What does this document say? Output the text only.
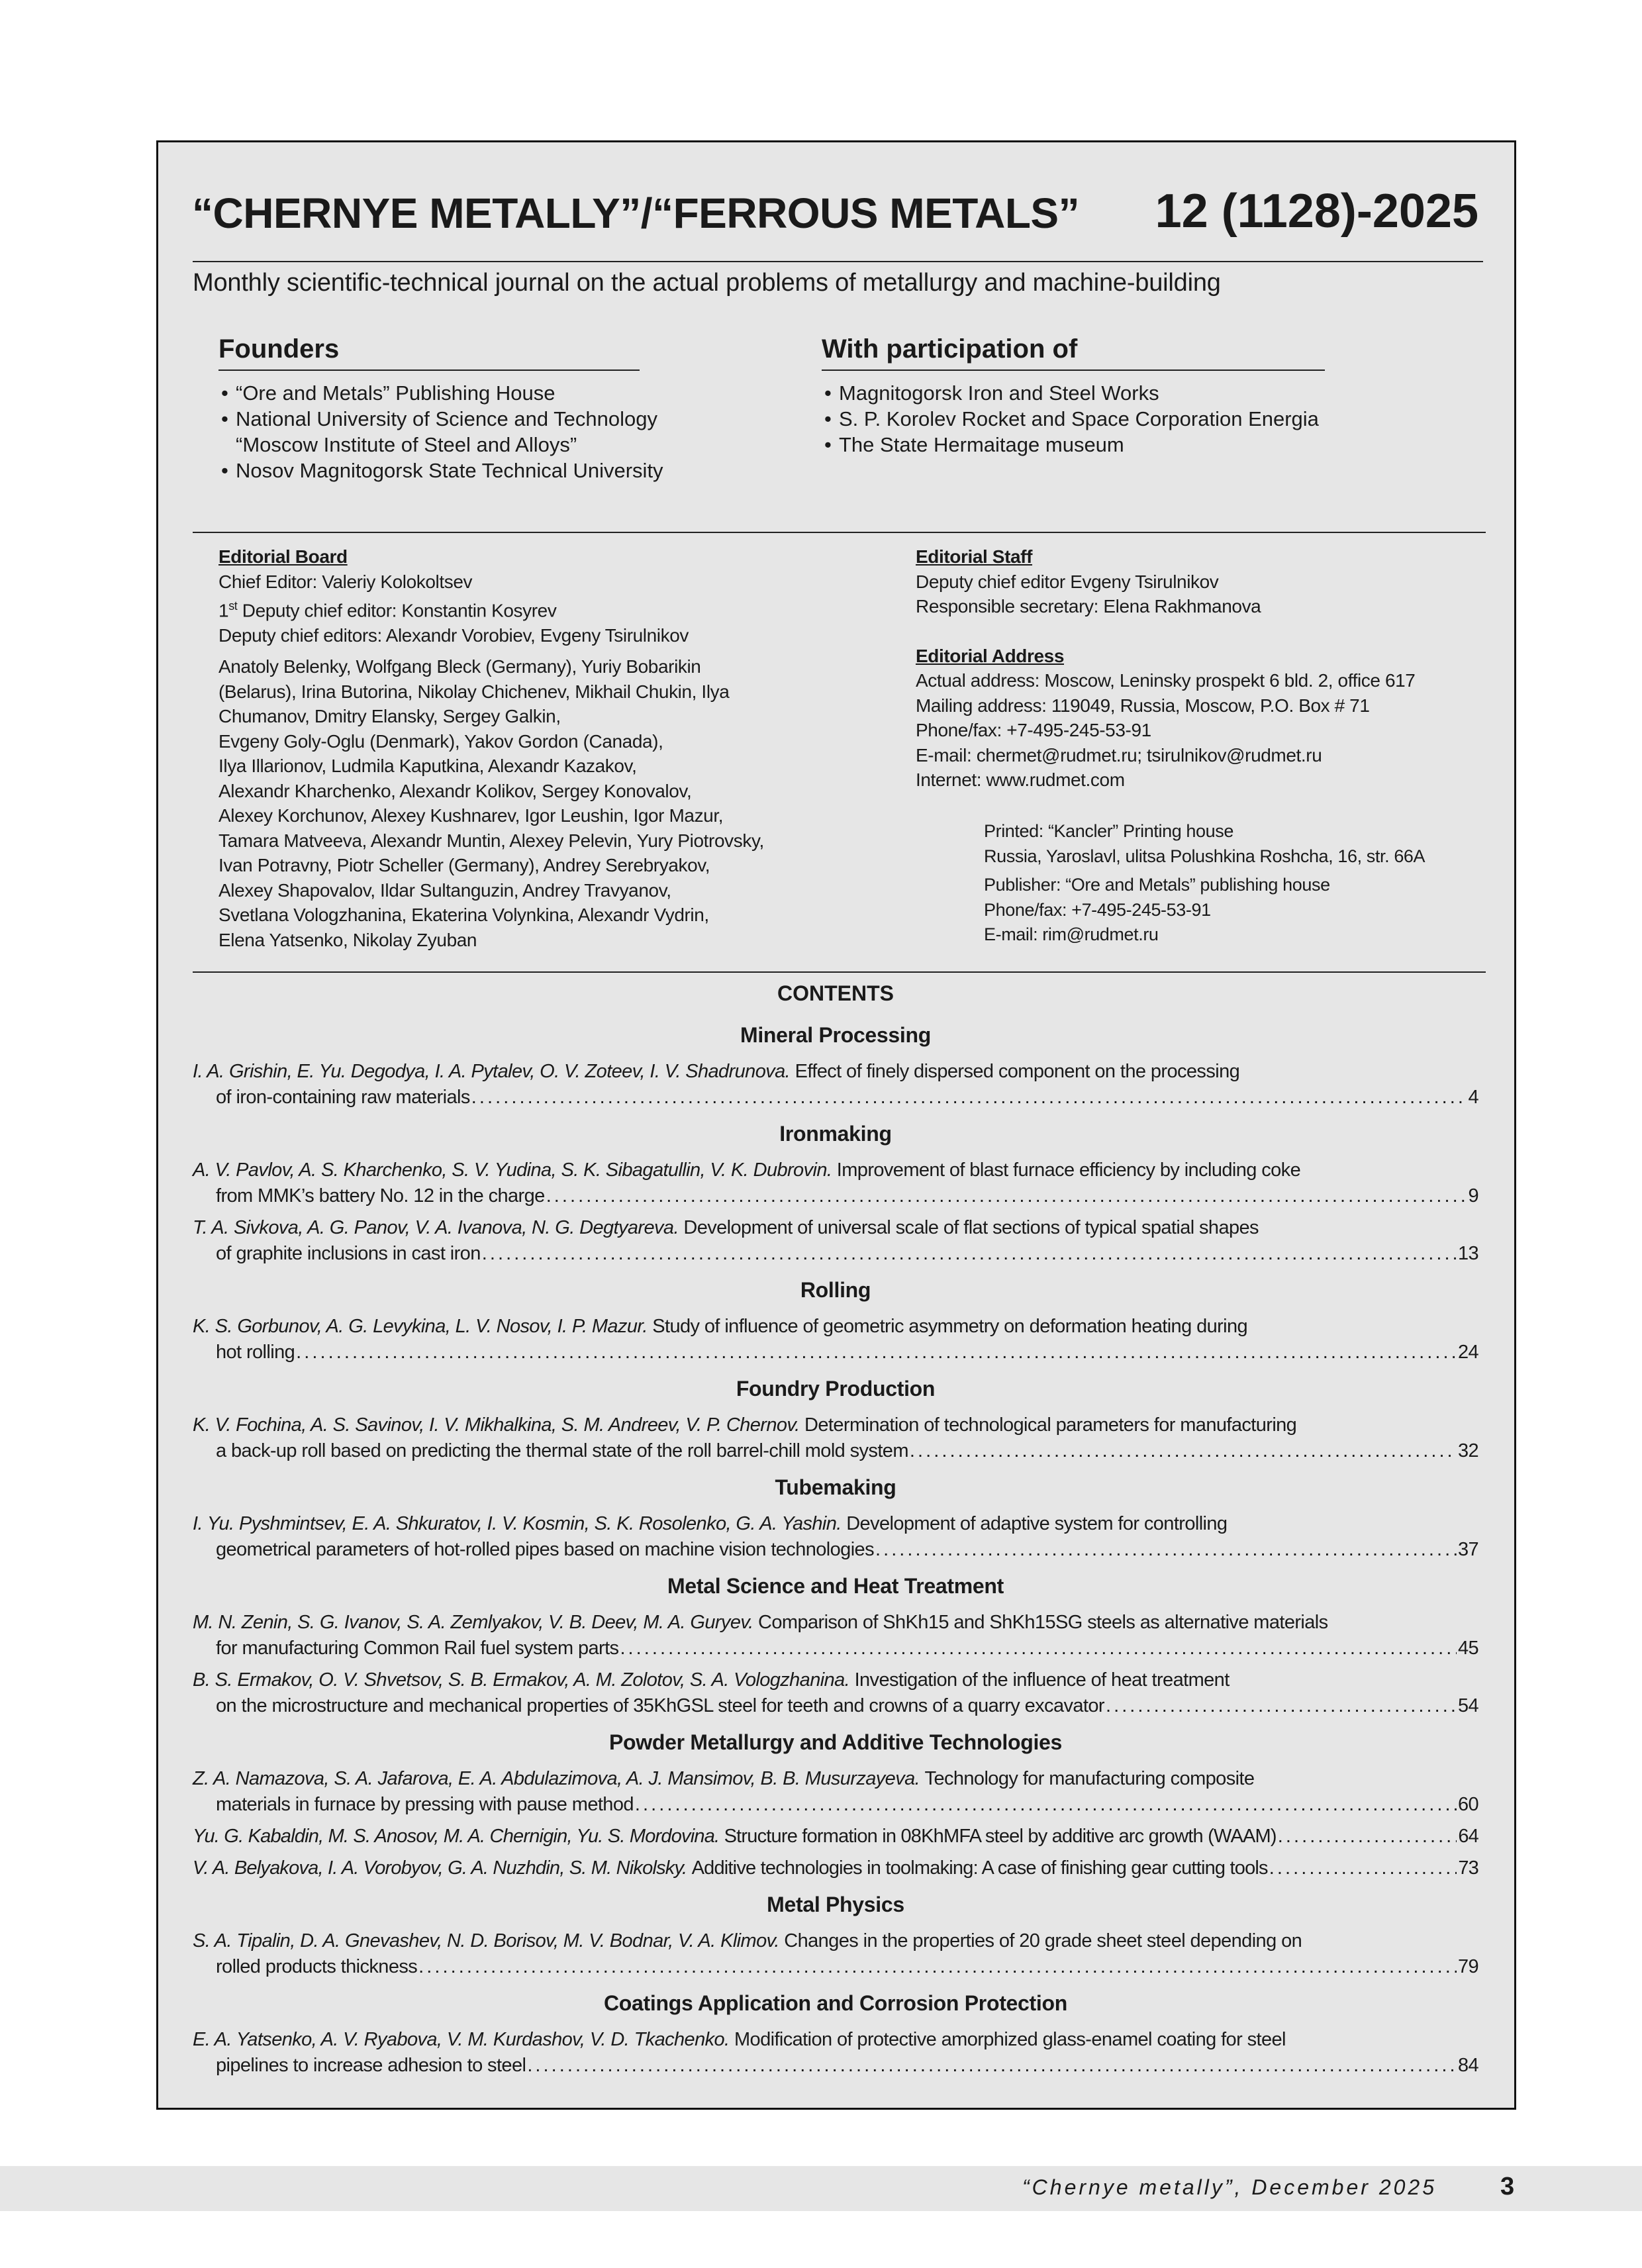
“CHERNYE METALLY”/“FERROUS METALS” 12 (1128)-2025
Monthly scientific-technical journal on the actual problems of metallurgy and machine-building
Founders
• “Ore and Metals” Publishing House
• National University of Science and Technology
“Moscow Institute of Steel and Alloys”
• Nosov Magnitogorsk State Technical University
With participation of
• Magnitogorsk Iron and Steel Works
• S. P. Korolev Rocket and Space Corporation Energia
• The State Hermaitage museum
Editorial Board
Chief Editor: Valeriy Kolokoltsev
1st Deputy chief editor: Konstantin Kosyrev
Deputy chief editors: Alexandr Vorobiev, Evgeny Tsirulnikov
Anatoly Belenky, Wolfgang Bleck (Germany), Yuriy Bobarikin
(Belarus), Irina Butorina, Nikolay Chichenev, Mikhail Chukin, Ilya
Chumanov, Dmitry Elansky, Sergey Galkin,
Evgeny Goly-Oglu (Denmark), Yakov Gordon (Canada),
Ilya Illarionov, Ludmila Kaputkina, Alexandr Kazakov,
Alexandr Kharchenko, Alexandr Kolikov, Sergey Konovalov,
Alexey Korchunov, Alexey Kushnarev, Igor Leushin, Igor Mazur,
Tamara Matveeva, Alexandr Muntin, Alexey Pelevin, Yury Piotrovsky,
Ivan Potravny, Piotr Scheller (Germany), Andrey Serebryakov,
Alexey Shapovalov, Ildar Sultanguzin, Andrey Travyanov,
Svetlana Vologzhanina, Ekaterina Volynkina, Alexandr Vydrin,
Elena Yatsenko, Nikolay Zyuban
Editorial Staff
Deputy chief editor Evgeny Tsirulnikov
Responsible secretary: Elena Rakhmanova
Editorial Address
Actual address: Moscow, Leninsky prospekt 6 bld. 2, office 617
Mailing address: 119049, Russia, Moscow, P.O. Box # 71
Phone/fax: +7-495-245-53-91
E-mail: chermet@rudmet.ru; tsirulnikov@rudmet.ru
Internet: www.rudmet.com
Printed: “Kancler” Printing house
Russia, Yaroslavl, ulitsa Polushkina Roshcha, 16, str. 66A
Publisher: “Ore and Metals” publishing house
Phone/fax: +7-495-245-53-91
E-mail: rim@rudmet.ru
CONTENTS
Mineral Processing
I. A. Grishin, E. Yu. Degodya, I. A. Pytalev, O. V. Zoteev, I. V. Shadrunova.
Effect of finely dispersed component on the processing
of iron-containing raw materials . . .	4
Ironmaking
A. V. Pavlov, A. S. Kharchenko, S. V. Yudina, S. K. Sibagatullin, V. K. Dubrovin.
Improvement of blast furnace efficiency by including coke
from MMK’s battery No. 12 in the charge . . .	9
T. A. Sivkova, A. G. Panov, V. A. Ivanova, N. G. Degtyareva.
Development of universal scale of flat sections of typical spatial shapes
of graphite inclusions in cast iron . . .	13
Rolling
K. S. Gorbunov, A. G. Levykina, L. V. Nosov, I. P. Mazur.
Study of influence of geometric asymmetry on deformation heating during
hot rolling . . .	24
Foundry Production
K. V. Fochina, A. S. Savinov, I. V. Mikhalkina, S. M. Andreev, V. P. Chernov.
Determination of technological parameters for manufacturing
a back-up roll based on predicting the thermal state of the roll barrel-chill mold system . . .	32
Tubemaking
I. Yu. Pyshmintsev, E. A. Shkuratov, I. V. Kosmin, S. K. Rosolenko, G. A. Yashin.
Development of adaptive system for controlling
geometrical parameters of hot-rolled pipes based on machine vision technologies . . .	37
Metal Science and Heat Treatment
M. N. Zenin, S. G. Ivanov, S. A. Zemlyakov, V. B. Deev, M. A. Guryev.
Comparison of ShKh15 and ShKh15SG steels as alternative materials
for manufacturing Common Rail fuel system parts . . .	45
B. S. Ermakov, O. V. Shvetsov, S. B. Ermakov, A. M. Zolotov, S. A. Vologzhanina.
Investigation of the influence of heat treatment
on the microstructure and mechanical properties of 35KhGSL steel for teeth and crowns of a quarry excavator . . .	54
Powder Metallurgy and Additive Technologies
Z. A. Namazova, S. A. Jafarova, E. A. Abdulazimova, A. J. Mansimov, B. B. Musurzayeva.
Technology for manufacturing composite
materials in furnace by pressing with pause method . . .	60
Yu. G. Kabaldin, M. S. Anosov, M. A. Chernigin, Yu. S. Mordovina.
Structure formation in 08KhMFA steel by additive arc growth (WAAM) . . .	64
V. A. Belyakova, I. A. Vorobyov, G. A. Nuzhdin, S. M. Nikolsky.
Additive technologies in toolmaking: A case of finishing gear cutting tools . . .	73
Metal Physics
S. A. Tipalin, D. A. Gnevashev, N. D. Borisov, M. V. Bodnar, V. A. Klimov.
Changes in the properties of 20 grade sheet steel depending on
rolled products thickness . . .	79
Coatings Application and Corrosion Protection
E. A. Yatsenko, A. V. Ryabova, V. M. Kurdashov, V. D. Tkachenko.
Modification of protective amorphized glass-enamel coating for steel
pipelines to increase adhesion to steel . . .	84
“Chernye metally”, December 2025	3
